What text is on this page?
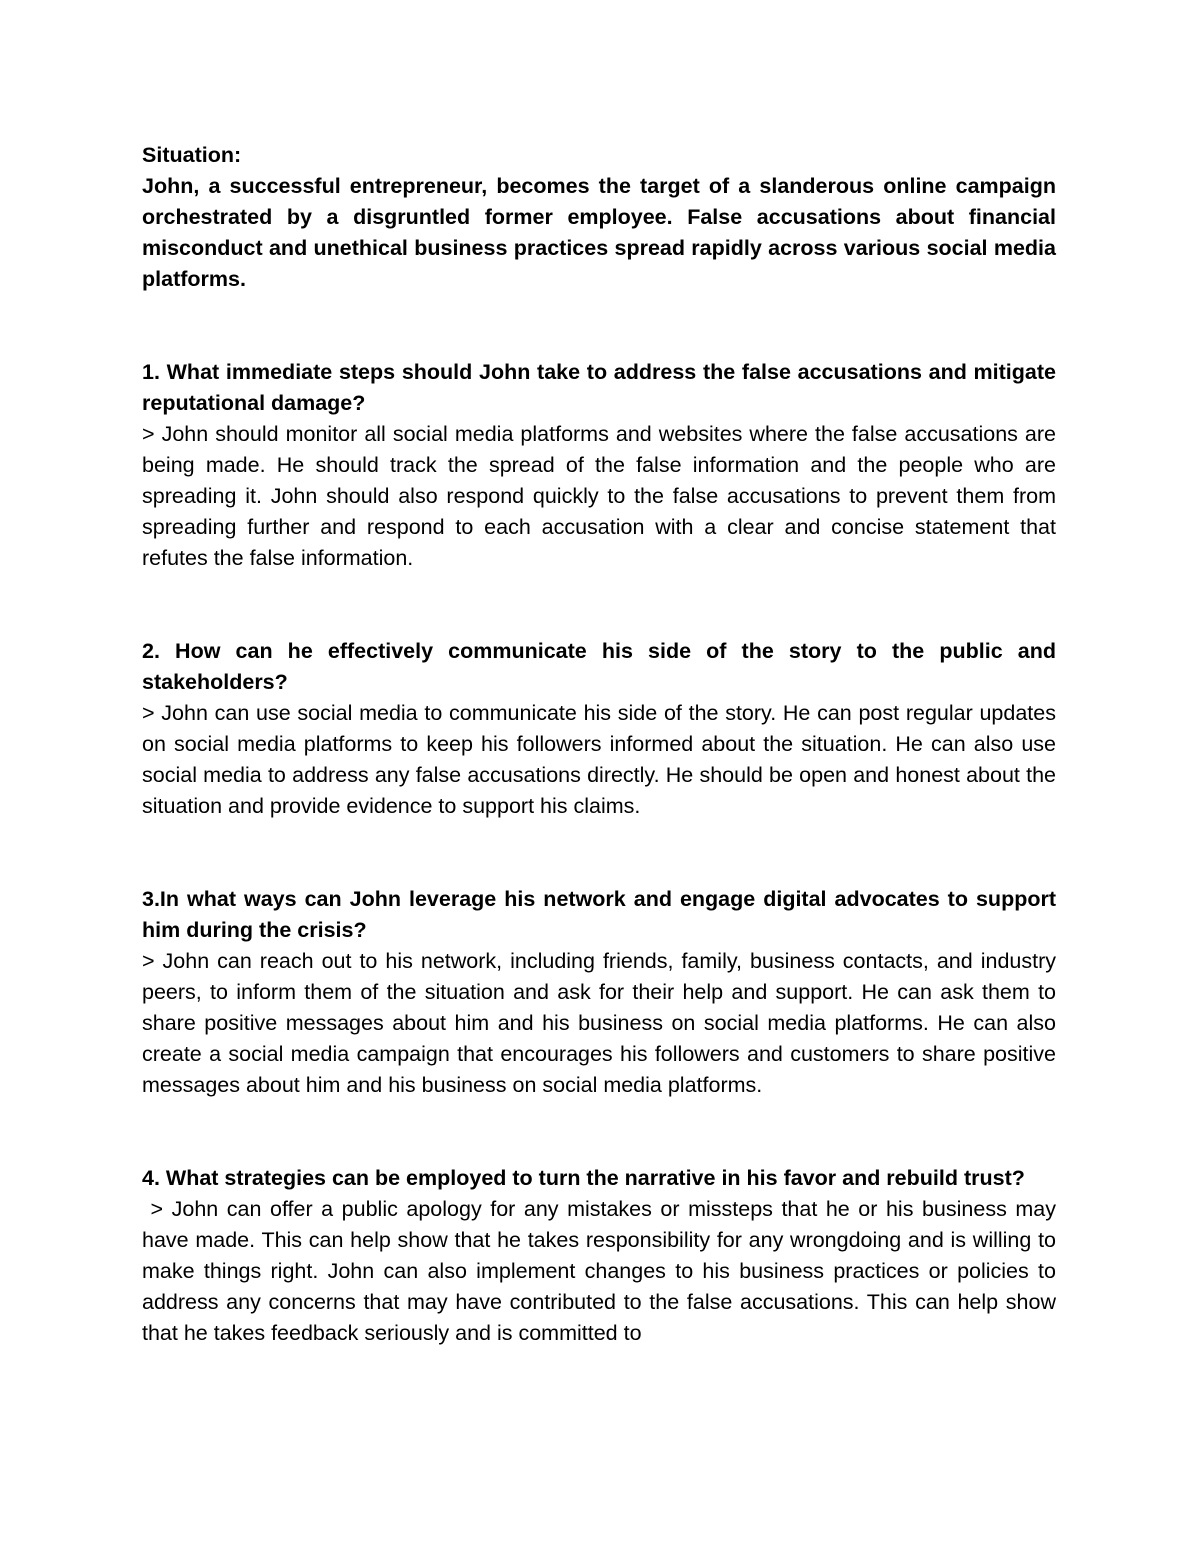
Situation:

John, a successful entrepreneur, becomes the target of a slanderous online campaign orchestrated by a disgruntled former employee. False accusations about financial misconduct and unethical business practices spread rapidly across various social media platforms.

1. What immediate steps should John take to address the false accusations and mitigate reputational damage?

> John should monitor all social media platforms and websites where the false accusations are being made. He should track the spread of the false information and the people who are spreading it. John should also respond quickly to the false accusations to prevent them from spreading further and respond to each accusation with a clear and concise statement that refutes the false information.

2. How can he effectively communicate his side of the story to the public and stakeholders?

> John can use social media to communicate his side of the story. He can post regular updates on social media platforms to keep his followers informed about the situation. He can also use social media to address any false accusations directly. He should be open and honest about the situation and provide evidence to support his claims.

3.In what ways can John leverage his network and engage digital advocates to support him during the crisis?

> John can reach out to his network, including friends, family, business contacts, and industry peers, to inform them of the situation and ask for their help and support. He can ask them to share positive messages about him and his business on social media platforms. He can also create a social media campaign that encourages his followers and customers to share positive messages about him and his business on social media platforms.

4. What strategies can be employed to turn the narrative in his favor and rebuild trust?

> John can offer a public apology for any mistakes or missteps that he or his business may have made. This can help show that he takes responsibility for any wrongdoing and is willing to make things right. John can also implement changes to his business practices or policies to address any concerns that may have contributed to the false accusations. This can help show that he takes feedback seriously and is committed to
